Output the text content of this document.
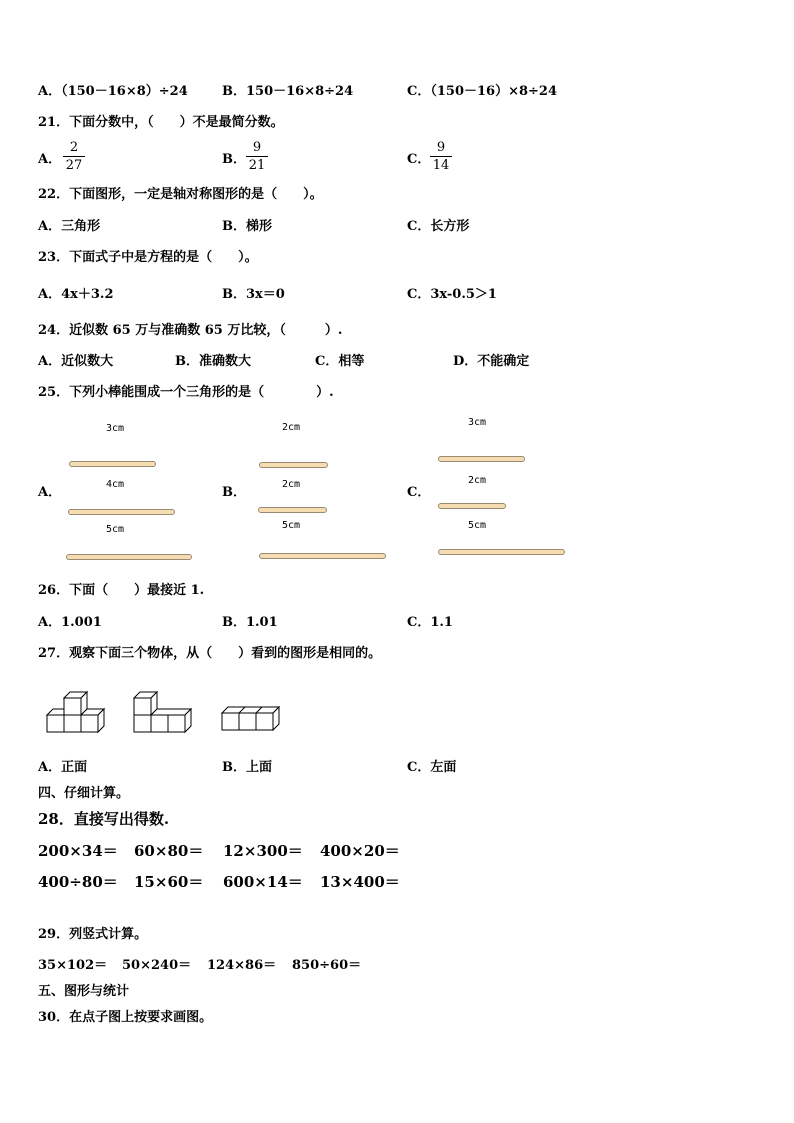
A．（150－16×8）÷24	B．150－16×8÷24	C．（150－16）×8÷24
21．下面分数中，（　　）不是最简分数。
A．
2
27	B．
9
21	C．
9
14
22．下面图形，一定是轴对称图形的是（　　）。
A．三角形	B．梯形	C．长方形
23．下面式子中是方程的是（　　）。
A．4x＋3.2	B．3x＝0	C．3x-0.5＞1
24．近似数 65 万与准确数 65 万比较，（　　　）.
A．近似数大	B．准确数大	C．相等	D．不能确定
25．下列小棒能围成一个三角形的是（　　　　）.
A．	B．	C．
3cm
4cm
5cm
2cm
2cm
5cm
3cm
2cm
5cm
26．下面（　　）最接近 1.
A．1.001	B．1.01	C．1.1
27．观察下面三个物体，从（　　）看到的图形是相同的。
A．正面	B．上面	C．左面
四、仔细计算。
28．直接写出得数.
200×34＝ 60×80＝ 12×300＝ 400×20＝
400÷80＝ 15×60＝ 600×14＝ 13×400＝
29．列竖式计算。
35×102＝ 50×240＝ 124×86＝ 850÷60＝
五、图形与统计
30．在点子图上按要求画图。
